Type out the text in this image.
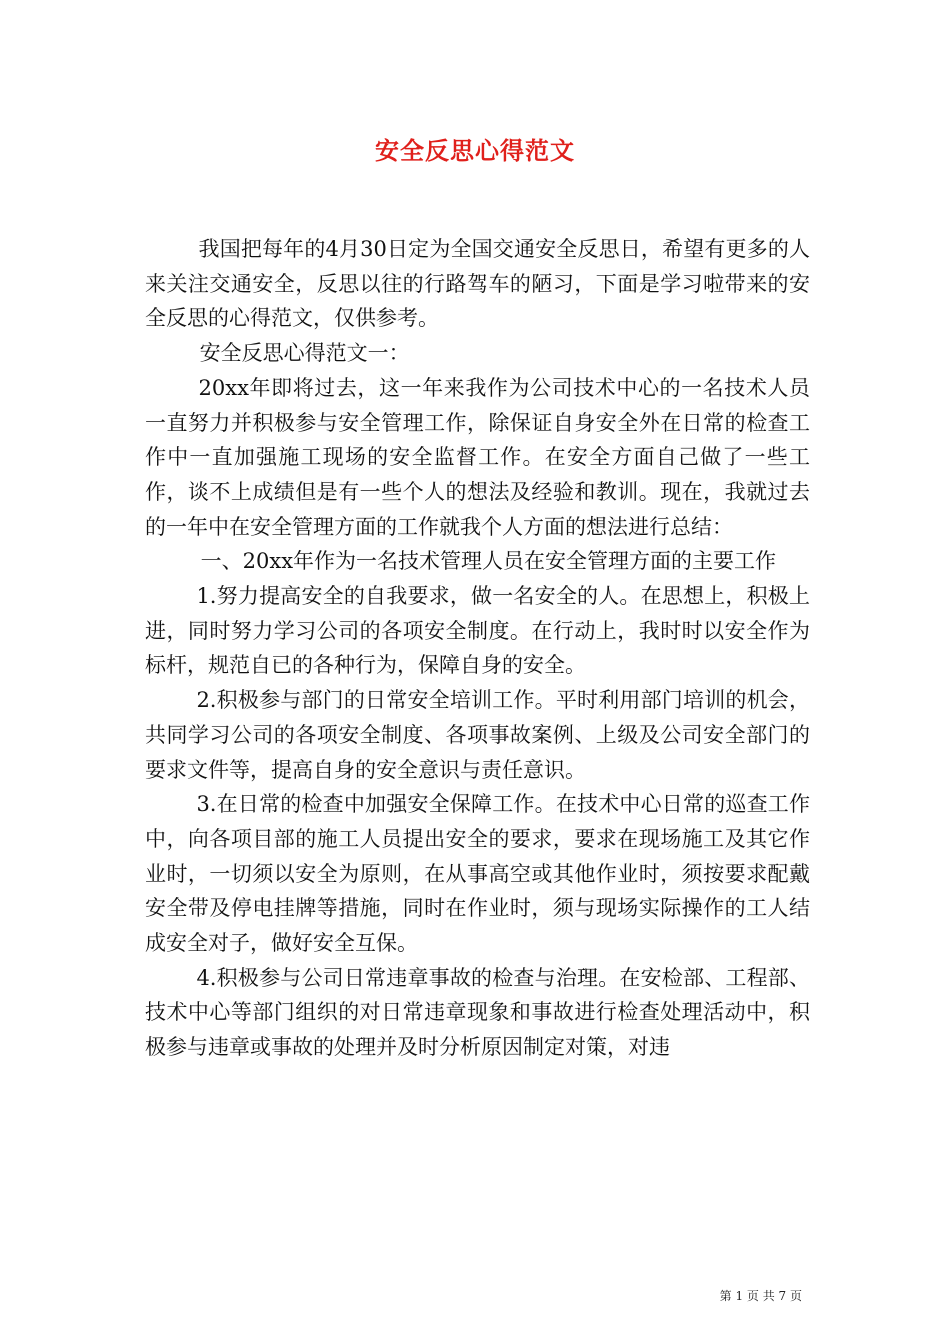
安全反思心得范文

我国把每年的4月30日定为全国交通安全反思日，希望有更多的人来关注交通安全，反思以往的行路驾车的陋习，下面是学习啦带来的安全反思的心得范文，仅供参考。

安全反思心得范文一：

20xx年即将过去，这一年来我作为公司技术中心的一名技术人员一直努力并积极参与安全管理工作，除保证自身安全外在日常的检查工作中一直加强施工现场的安全监督工作。在安全方面自己做了一些工作，谈不上成绩但是有一些个人的想法及经验和教训。现在，我就过去的一年中在安全管理方面的工作就我个人方面的想法进行总结：

一、20xx年作为一名技术管理人员在安全管理方面的主要工作

1.努力提高安全的自我要求，做一名安全的人。在思想上，积极上进，同时努力学习公司的各项安全制度。在行动上，我时时以安全作为标杆，规范自已的各种行为，保障自身的安全。

2.积极参与部门的日常安全培训工作。平时利用部门培训的机会，共同学习公司的各项安全制度、各项事故案例、上级及公司安全部门的要求文件等，提高自身的安全意识与责任意识。

3.在日常的检查中加强安全保障工作。在技术中心日常的巡查工作中，向各项目部的施工人员提出安全的要求，要求在现场施工及其它作业时，一切须以安全为原则，在从事高空或其他作业时，须按要求配戴安全带及停电挂牌等措施，同时在作业时，须与现场实际操作的工人结成安全对子，做好安全互保。

4.积极参与公司日常违章事故的检查与治理。在安检部、工程部、技术中心等部门组织的对日常违章现象和事故进行检查处理活动中，积极参与违章或事故的处理并及时分析原因制定对策，对违

第 1 页 共 7 页
